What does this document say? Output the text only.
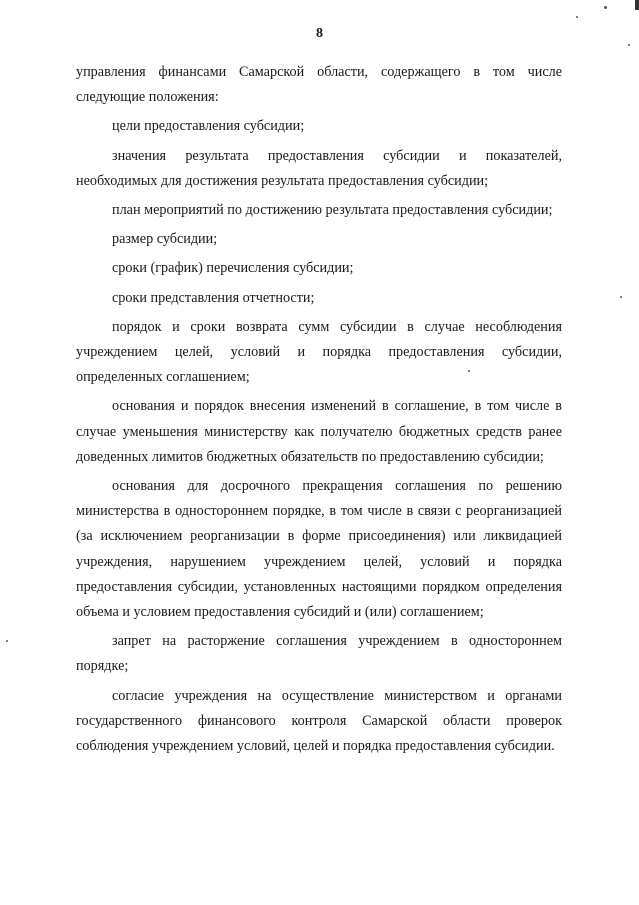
8

управления финансами Самарской области, содержащего в том числе следующие положения:

цели предоставления субсидии;

значения результата предоставления субсидии и показателей, необходимых для достижения результата предоставления субсидии;

план мероприятий по достижению результата предоставления субсидии;

размер субсидии;

сроки (график) перечисления субсидии;

сроки представления отчетности;

порядок и сроки возврата сумм субсидии в случае несоблюдения учреждением целей, условий и порядка предоставления субсидии, определенных соглашением;

основания и порядок внесения изменений в соглашение, в том числе в случае уменьшения министерству как получателю бюджетных средств ранее доведенных лимитов бюджетных обязательств по предоставлению субсидии;

основания для досрочного прекращения соглашения по решению министерства в одностороннем порядке, в том числе в связи с реорганизацией (за исключением реорганизации в форме присоединения) или ликвидацией учреждения, нарушением учреждением целей, условий и порядка предоставления субсидии, установленных настоящими порядком определения объема и условием предоставления субсидий и (или) соглашением;

запрет на расторжение соглашения учреждением в одностороннем порядке;

согласие учреждения на осуществление министерством и органами государственного финансового контроля Самарской области проверок соблюдения учреждением условий, целей и порядка предоставления субсидии.
